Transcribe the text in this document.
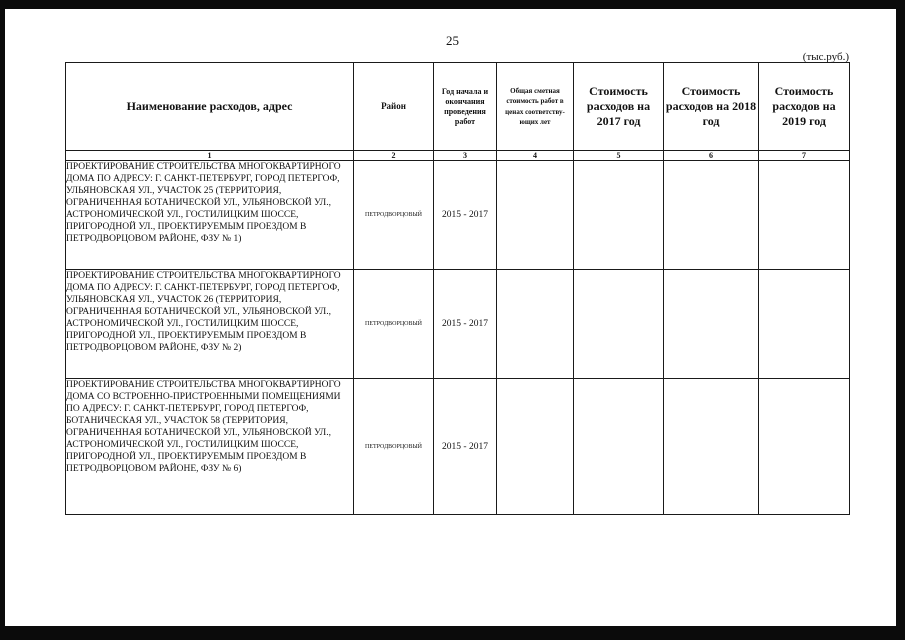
25
(тыс.руб.)
Наименование расходов, адрес	Район	Год начала и окончания проведения работ	Общая сметная стоимость работ в ценах соответству-ющих лет	Стоимость расходов на 2017 год	Стоимость расходов на 2018 год	Стоимость расходов на 2019 год
1	2	3	4	5	6	7
ПРОЕКТИРОВАНИЕ СТРОИТЕЛЬСТВА МНОГОКВАРТИРНОГО ДОМА ПО АДРЕСУ: Г. САНКТ-ПЕТЕРБУРГ, ГОРОД ПЕТЕРГОФ, УЛЬЯНОВСКАЯ УЛ., УЧАСТОК 25 (ТЕРРИТОРИЯ, ОГРАНИЧЕННАЯ БОТАНИЧЕСКОЙ УЛ., УЛЬЯНОВСКОЙ УЛ., АСТРОНОМИЧЕСКОЙ УЛ., ГОСТИЛИЦКИМ ШОССЕ, ПРИГОРОДНОЙ УЛ., ПРОЕКТИРУЕМЫМ ПРОЕЗДОМ В ПЕТРОДВОРЦОВОМ РАЙОНЕ, ФЗУ № 1)	ПЕТРОДВОРЦОВЫЙ	2015 - 2017				
ПРОЕКТИРОВАНИЕ СТРОИТЕЛЬСТВА МНОГОКВАРТИРНОГО ДОМА ПО АДРЕСУ: Г. САНКТ-ПЕТЕРБУРГ, ГОРОД ПЕТЕРГОФ, УЛЬЯНОВСКАЯ УЛ., УЧАСТОК 26 (ТЕРРИТОРИЯ, ОГРАНИЧЕННАЯ БОТАНИЧЕСКОЙ УЛ., УЛЬЯНОВСКОЙ УЛ., АСТРОНОМИЧЕСКОЙ УЛ., ГОСТИЛИЦКИМ ШОССЕ, ПРИГОРОДНОЙ УЛ., ПРОЕКТИРУЕМЫМ ПРОЕЗДОМ В ПЕТРОДВОРЦОВОМ РАЙОНЕ, ФЗУ № 2)	ПЕТРОДВОРЦОВЫЙ	2015 - 2017				
ПРОЕКТИРОВАНИЕ СТРОИТЕЛЬСТВА МНОГОКВАРТИРНОГО ДОМА СО ВСТРОЕННО-ПРИСТРОЕННЫМИ ПОМЕЩЕНИЯМИ ПО АДРЕСУ: Г. САНКТ-ПЕТЕРБУРГ, ГОРОД ПЕТЕРГОФ, БОТАНИЧЕСКАЯ УЛ., УЧАСТОК 58 (ТЕРРИТОРИЯ, ОГРАНИЧЕННАЯ БОТАНИЧЕСКОЙ УЛ., УЛЬЯНОВСКОЙ УЛ., АСТРОНОМИЧЕСКОЙ УЛ., ГОСТИЛИЦКИМ ШОССЕ, ПРИГОРОДНОЙ УЛ., ПРОЕКТИРУЕМЫМ ПРОЕЗДОМ В ПЕТРОДВОРЦОВОМ РАЙОНЕ, ФЗУ № 6)	ПЕТРОДВОРЦОВЫЙ	2015 - 2017				
